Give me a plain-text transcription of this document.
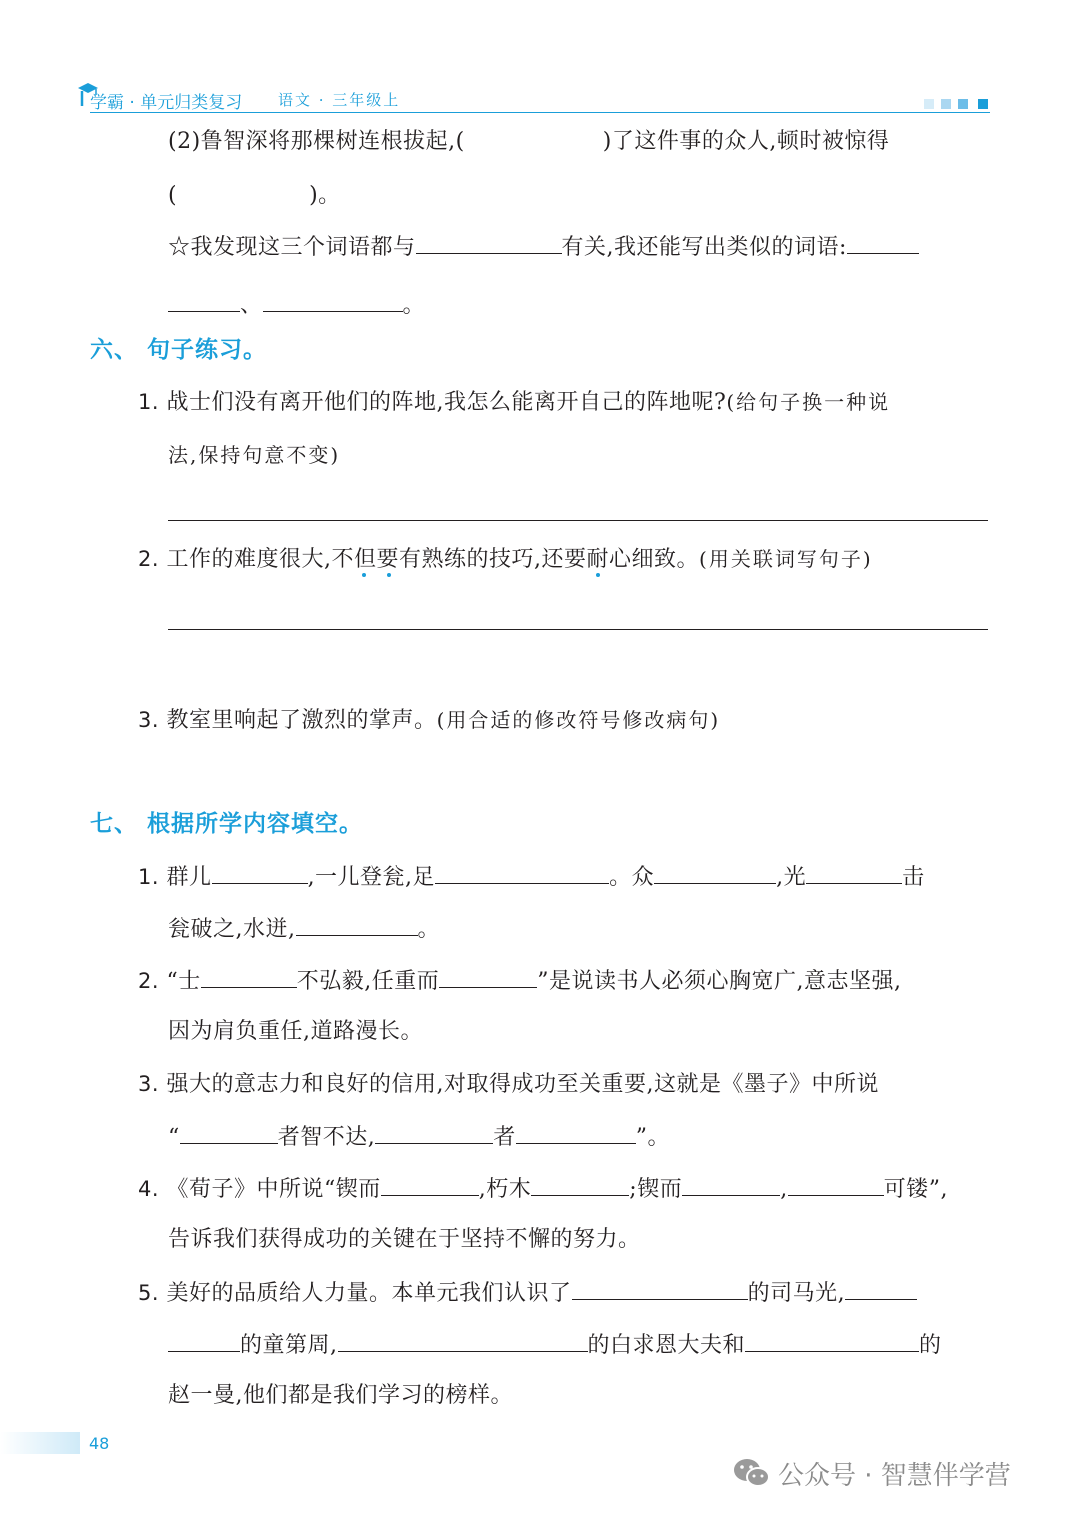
学霸 · 单元归类复习 语文 · 三年级上
(2)鲁智深将那棵树连根拔起,(	)了这件事的众人,顿时被惊得
(	)。
☆我发现这三个词语都与	有关,我还能写出类似的词语:
、	。
六、 句子练习。
1. 战士们没有离开他们的阵地,我怎么能离开自己的阵地呢?(给句子换一种说
法,保持句意不变)
2. 工作的难度很大,不但要有熟练的技巧,还要耐心细致。(用关联词写句子)
3. 教室里响起了激烈的掌声。(用合适的修改符号修改病句)
七、 根据所学内容填空。
1. 群儿	,一儿登瓮,足	。众	,光	击
瓮破之,水迸,	。
2. “士	不弘毅,任重而	”是说读书人必须心胸宽广,意志坚强,
因为肩负重任,道路漫长。
3. 强大的意志力和良好的信用,对取得成功至关重要,这就是《墨子》中所说
“	者智不达,	者	”。
4. 《荀子》中所说“锲而	,朽木	;锲而	,	可镂”,
告诉我们获得成功的关键在于坚持不懈的努力。
5. 美好的品质给人力量。本单元我们认识了	的司马光,
的童第周,	的白求恩大夫和	的
赵一曼,他们都是我们学习的榜样。
48
公众号 · 智慧伴学营
